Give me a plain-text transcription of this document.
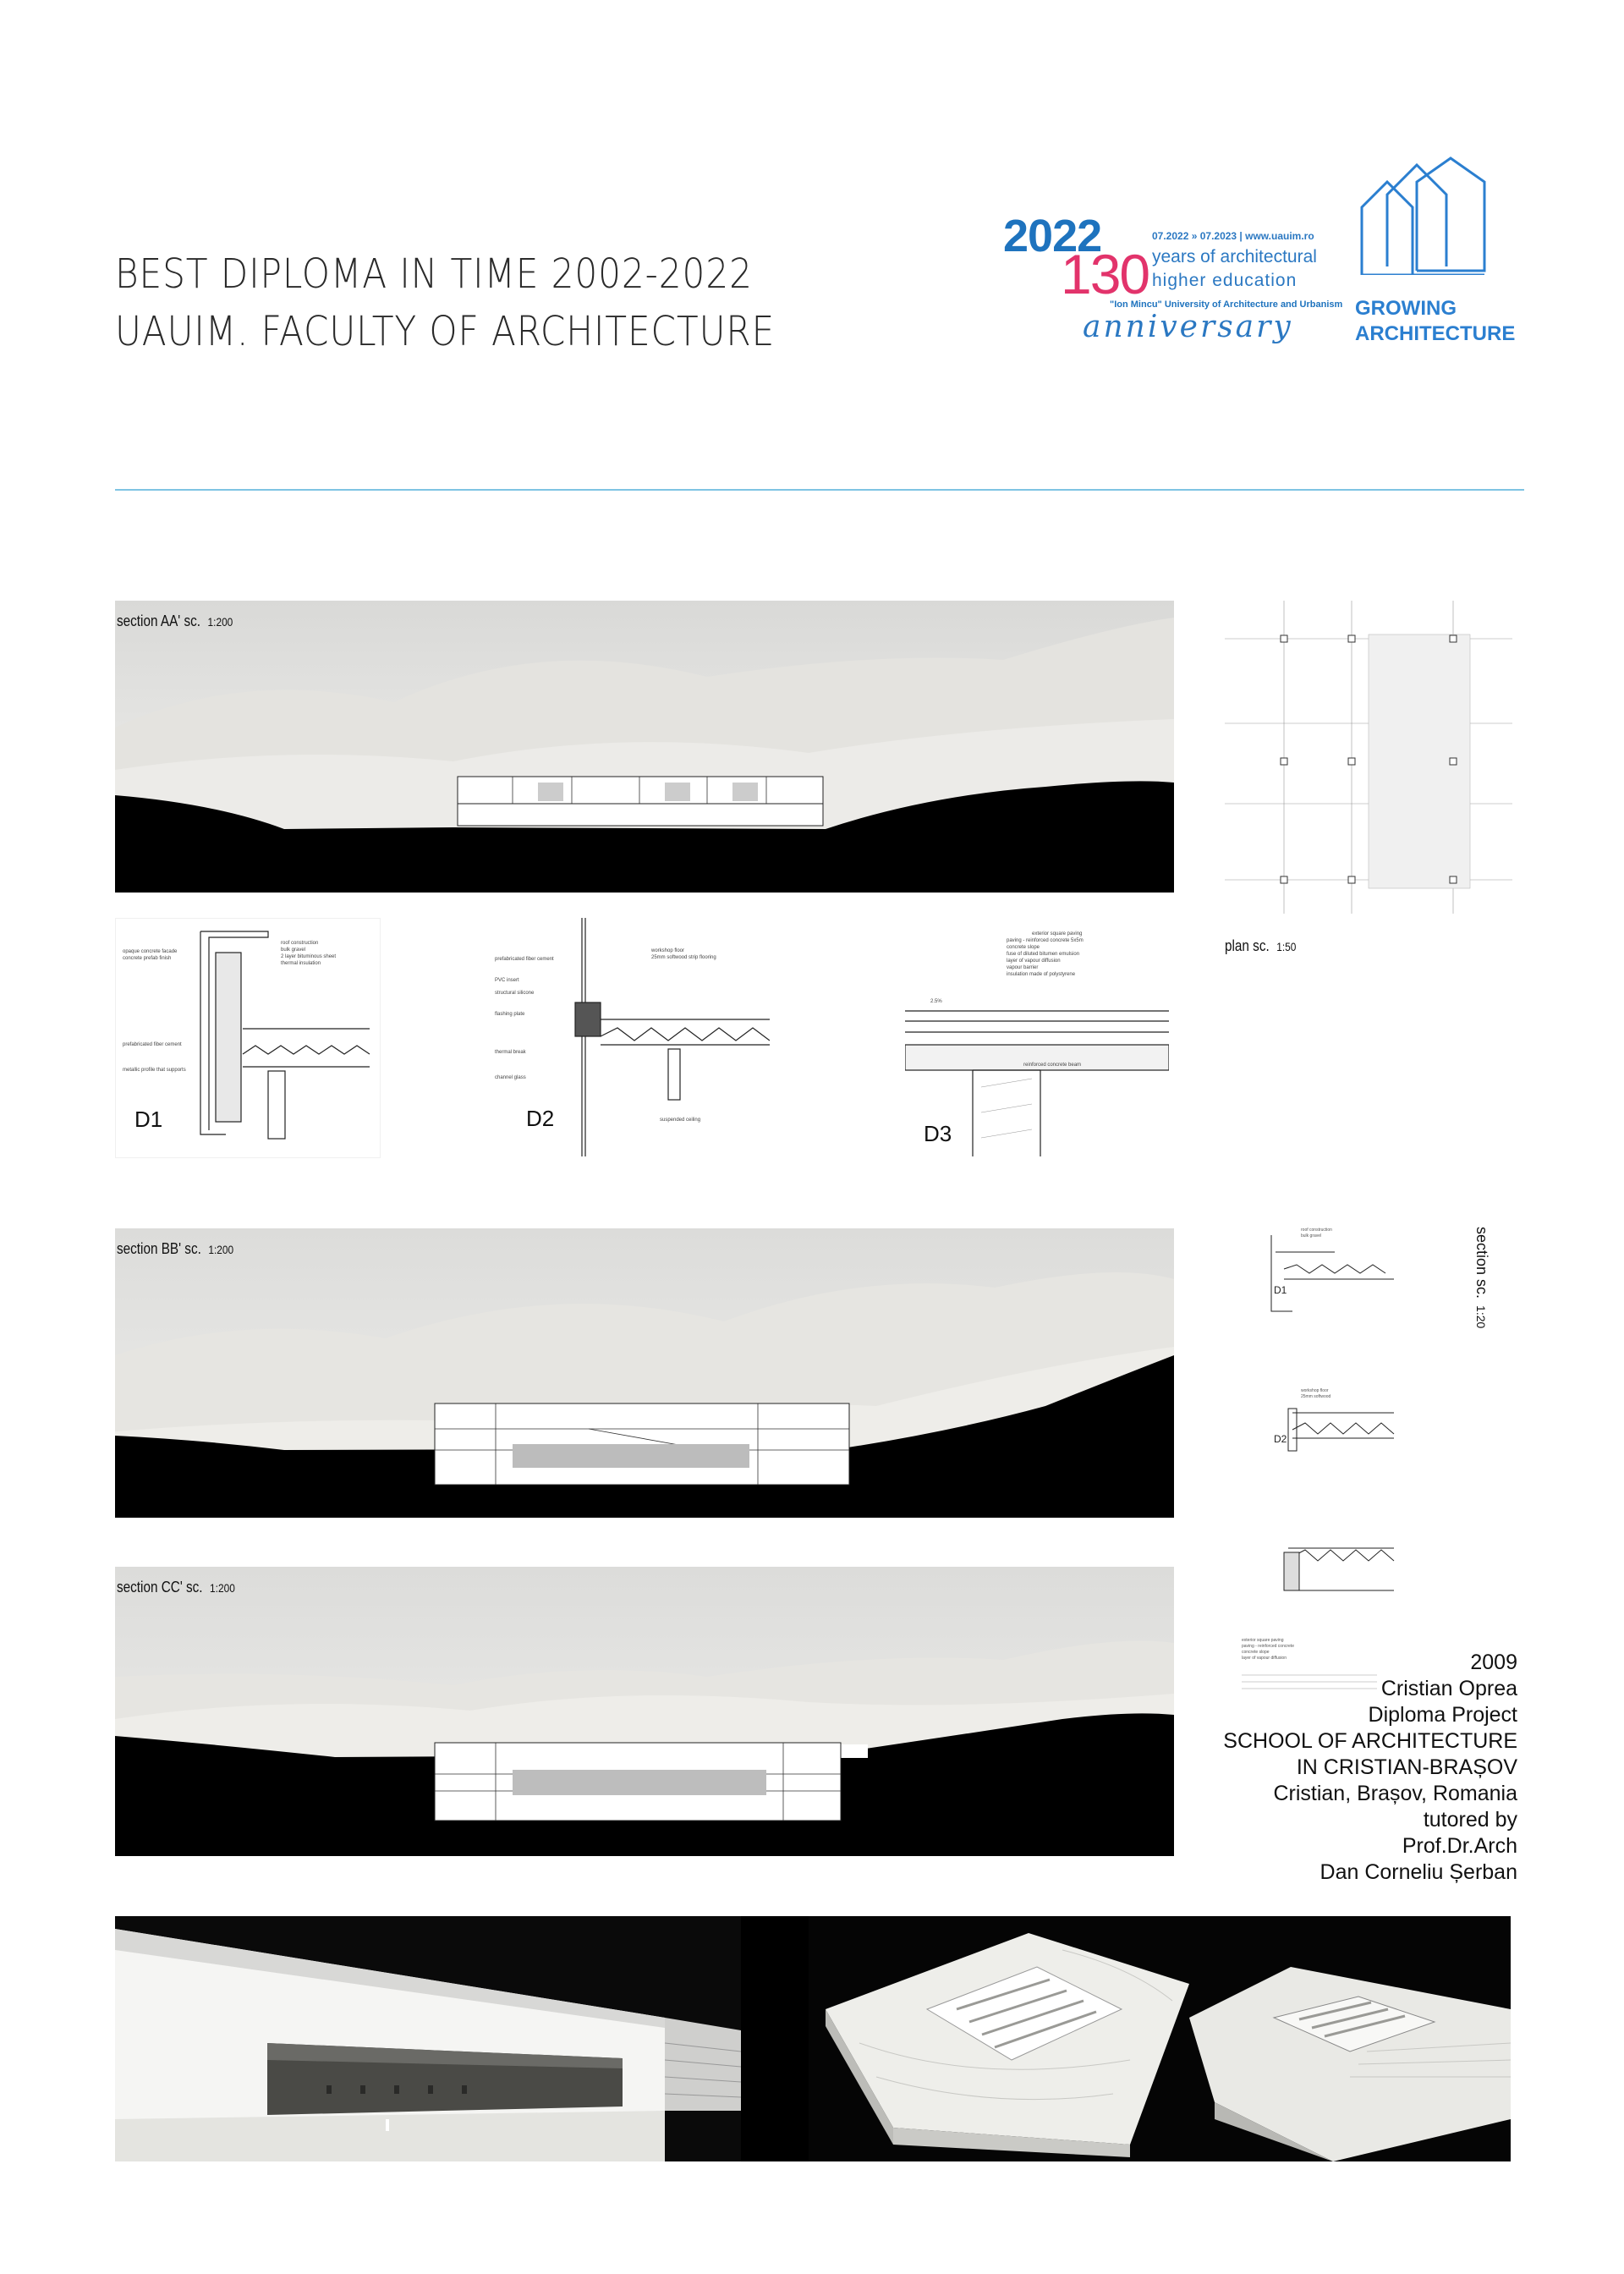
BEST DIPLOMA IN TIME 2002-2022
UAUIM. FACULTY OF ARCHITECTURE
2022
130
07.2022 » 07.2023 | www.uauim.ro
years of architectural
higher education
"Ion Mincu" University of Architecture and Urbanism
anniversary
GROWING
ARCHITECTURE
section AA' sc. 1:200
plan sc. 1:50
opaque concrete facade
concrete prefab finish
prefabricated fiber cement
metallic profile that supports
roof construction
bulk gravel
2 layer bituminous sheet
thermal insulation
D1
prefabricated fiber cement
PVC insert
structural silicone
flashing plate
thermal break
channel glass
workshop floor
25mm softwood strip flooring
suspended ceiling
D2
exterior square paving
paving - reinforced concrete 5x5m
concrete slope
fuse of diluted bitumen emulsion
layer of vapour diffusion
vapour barrier
insulation made of polystyrene
2.5%
reinforced concrete beam
D3
section BB' sc. 1:200
section CC' sc. 1:200
roof construction
bulk gravel
workshop floor
25mm softwood
exterior square paving
paving - reinforced concrete
concrete slope
layer of vapour diffusion
D1
D2
section sc.1:20
2009
Cristian Oprea
Diploma Project
SCHOOL OF ARCHITECTURE
IN CRISTIAN-BRAȘOV
Cristian, Brașov, Romania
tutored by
Prof.Dr.Arch
Dan Corneliu Șerban
